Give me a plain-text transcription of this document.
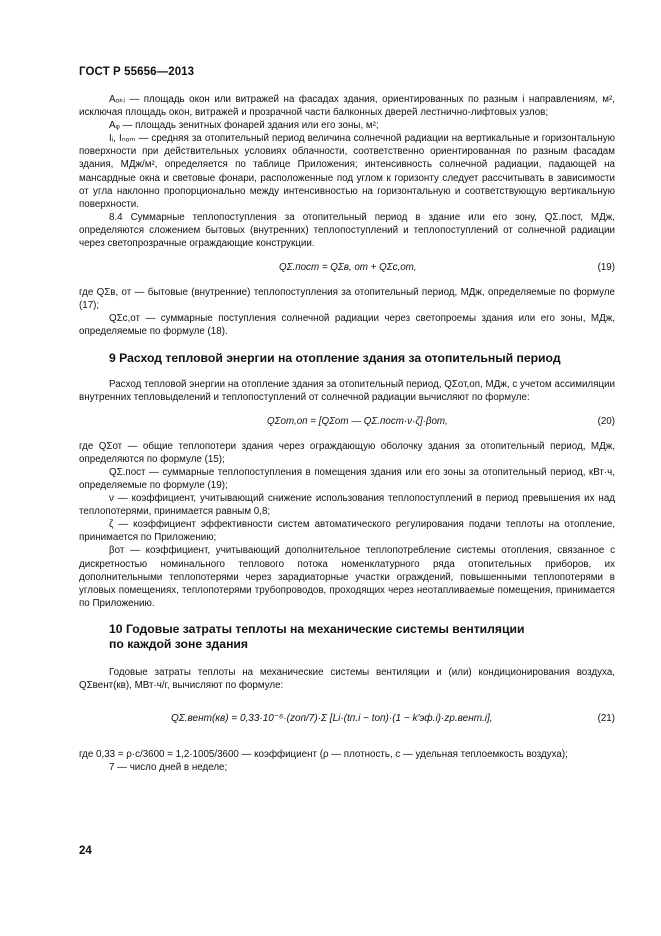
ГОСТ Р 55656—2013

Aₒₖᵢ — площадь окон или витражей на фасадах здания, ориентированных по разным i направлениям, м², исключая площадь окон, витражей и прозрачной части балконных дверей лестнично-лифтовых узлов;

Aᵩ — площадь зенитных фонарей здания или его зоны, м²;

Iᵢ, Iₙₒₘ — средняя за отопительный период величина солнечной радиации на вертикальные и горизонтальную поверхности при действительных условиях облачности, соответственно ориентированная по разным фасадам здания, МДж/м², определяется по таблице Приложения; интенсивность солнечной радиации, падающей на мансардные окна и световые фонари, расположенные под углом к горизонту следует рассчитывать в зависимости от угла наклонно пропорционально между интенсивностью на горизонтальную и соответствующую вертикальную поверхности.

8.4 Суммарные теплопоступления за отопительный период в здание или его зону, QΣ.пост, МДж, определяются сложением бытовых (внутренних) теплопоступлений и теплопоступлений от солнечной радиации через светопрозрачные ограждающие конструкции.

QΣ.пост = QΣв, от + QΣс,от,	(19)

где QΣв, от — бытовые (внутренние) теплопоступления за отопительный период, МДж, определяемые по формуле (17);

QΣс,от — суммарные поступления солнечной радиации через светопроемы здания или его зоны, МДж, определяемые по формуле (18).

9 Расход тепловой энергии на отопление здания за отопительный период

Расход тепловой энергии на отопление здания за отопительный период, QΣот,оп, МДж, с учетом ассимиляции внутренних тепловыделений и теплопоступлений от солнечной радиации вычисляют по формуле:

QΣот,оп = [QΣот — QΣ.пост·ν·ζ]·βот,	(20)

где QΣот — общие теплопотери здания через ограждающую оболочку здания за отопительный период, МДж, определяются по формуле (15);

QΣ.пост — суммарные теплопоступления в помещения здания или его зоны за отопительный период, кВт·ч, определяемые по формуле (19);

ν — коэффициент, учитывающий снижение использования теплопоступлений в период превышения их над теплопотерями, принимается равным 0,8;

ζ — коэффициент эффективности систем автоматического регулирования подачи теплоты на отопление, принимается по Приложению;

βот — коэффициент, учитывающий дополнительное теплопотребление системы отопления, связанное с дискретностью номинального теплового потока номенклатурного ряда отопительных приборов, их дополнительными теплопотерями через зарадиаторные участки ограждений, повышенными теплопотерями в угловых помещениях, теплопотерями трубопроводов, проходящих через неотапливаемые помещения, принимается по Приложению.

10 Годовые затраты теплоты на механические системы вентиляции
по каждой зоне здания

Годовые затраты теплоты на механические системы вентиляции и (или) кондиционирования воздуха, QΣвент(кв), МВт·ч/г, вычисляют по формуле:

QΣ.вент(кв) = 0,33·10⁻⁶·(zоп/7)·Σ [Li·(tп.i − tоп)·(1 − k'эф.i)·zр.вент.i],	(21)

где 0,33 = ρ·c/3600 = 1,2·1005/3600 — коэффициент (ρ — плотность, c — удельная теплоемкость воздуха);

7 — число дней в неделе;

24
